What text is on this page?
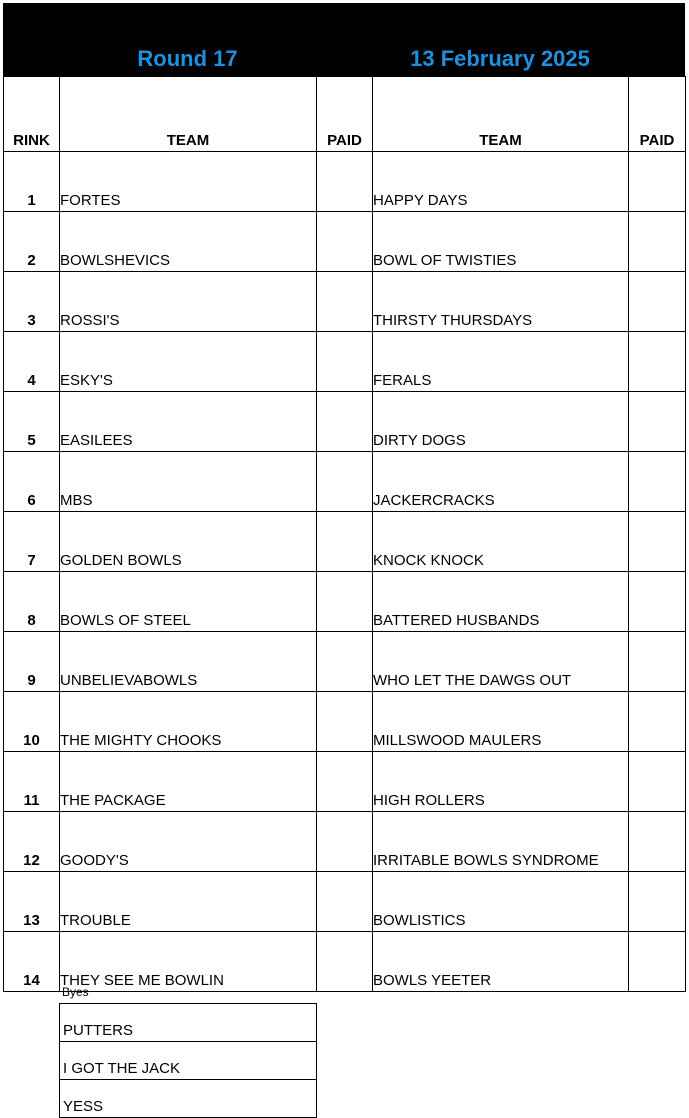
Round 17	13 February 2025
RINK	TEAM	PAID	TEAM	PAID
1	FORTES		HAPPY DAYS	
2	BOWLSHEVICS		BOWL OF TWISTIES	
3	ROSSI'S		THIRSTY THURSDAYS	
4	ESKY'S		FERALS	
5	EASILEES		DIRTY DOGS	
6	MBS		JACKERCRACKS	
7	GOLDEN BOWLS		KNOCK KNOCK	
8	BOWLS OF STEEL		BATTERED HUSBANDS	
9	UNBELIEVABOWLS		WHO LET THE DAWGS OUT	
10	THE MIGHTY CHOOKS		MILLSWOOD MAULERS	
11	THE PACKAGE		HIGH ROLLERS	
12	GOODY'S		IRRITABLE BOWLS SYNDROME	
13	TROUBLE		BOWLISTICS	
14	THEY SEE ME BOWLIN		BOWLS YEETER	
Byes
PUTTERS
I GOT THE JACK
YESS
